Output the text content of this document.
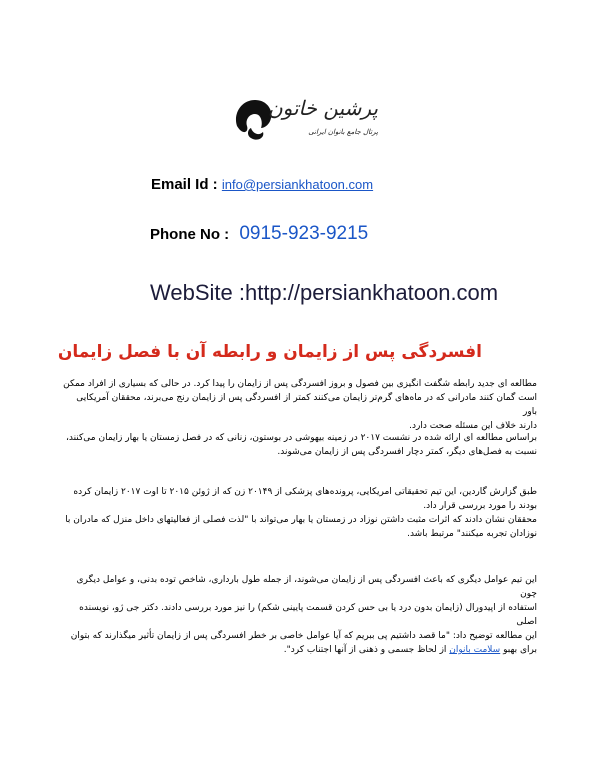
پرشین خاتون
پرتال جامع بانوان ایرانی
Email Id : info@persiankhatoon.com
Phone No : 0915-923-9215
WebSite :http://persiankhatoon.com
افسردگی پس از زایمان و رابطه آن با فصل زایمان

مطالعه ای جدید رابطه شگفت انگیزی بین فصول و بروز افسردگی پس از زایمان را پیدا کرد. در حالی که بسیاری از افراد ممکن

است گمان کنند مادرانی که در ماه‌های گرم‌تر زایمان می‌کنند کمتر از افسردگی پس از زایمان رنج می‌برند، محققان آمریکایی باور

دارند خلاف این مسئله صحت دارد.

براساس مطالعه ای ارائه شده در نشست ۲۰۱۷ در زمینه بیهوشی در بوستون، زنانی که در فصل زمستان یا بهار زایمان می‌کنند،

نسبت به فصل‌های دیگر، کمتر دچار افسردگی پس از زایمان می‌شوند.

طبق گزارش گاردین، این تیم تحقیقاتی امریکایی، پرونده‌های پزشکی از ۲۰۱۴۹ زن که از ژوئن ۲۰۱۵ تا اوت ۲۰۱۷ زایمان کرده

بودند را مورد بررسی قرار داد.

محققان نشان دادند که اثرات مثبت داشتن نوزاد در زمستان یا بهار می‌تواند با "لذت فصلی از فعالیتهای داخل منزل که مادران با

نوزادان تجربه میکنند" مرتبط باشد.

این تیم عوامل دیگری که باعث افسردگی پس از زایمان می‌شوند، از جمله طول بارداری، شاخص توده بدنی، و عوامل دیگری چون

استفاده از اپیدورال (زایمان بدون درد یا بی حس کردن قسمت پایینی شکم) را نیز مورد بررسی دادند. دکتر جی ژو، نویسنده اصلی

این مطالعه توضیح داد: "ما قصد داشتیم پی ببریم که آیا عوامل خاصی بر خطر افسردگی پس از زایمان تأثیر میگذارند که بتوان

برای بهبو سلامت بانوان از لحاظ جسمی و ذهنی از آنها اجتناب کرد".
